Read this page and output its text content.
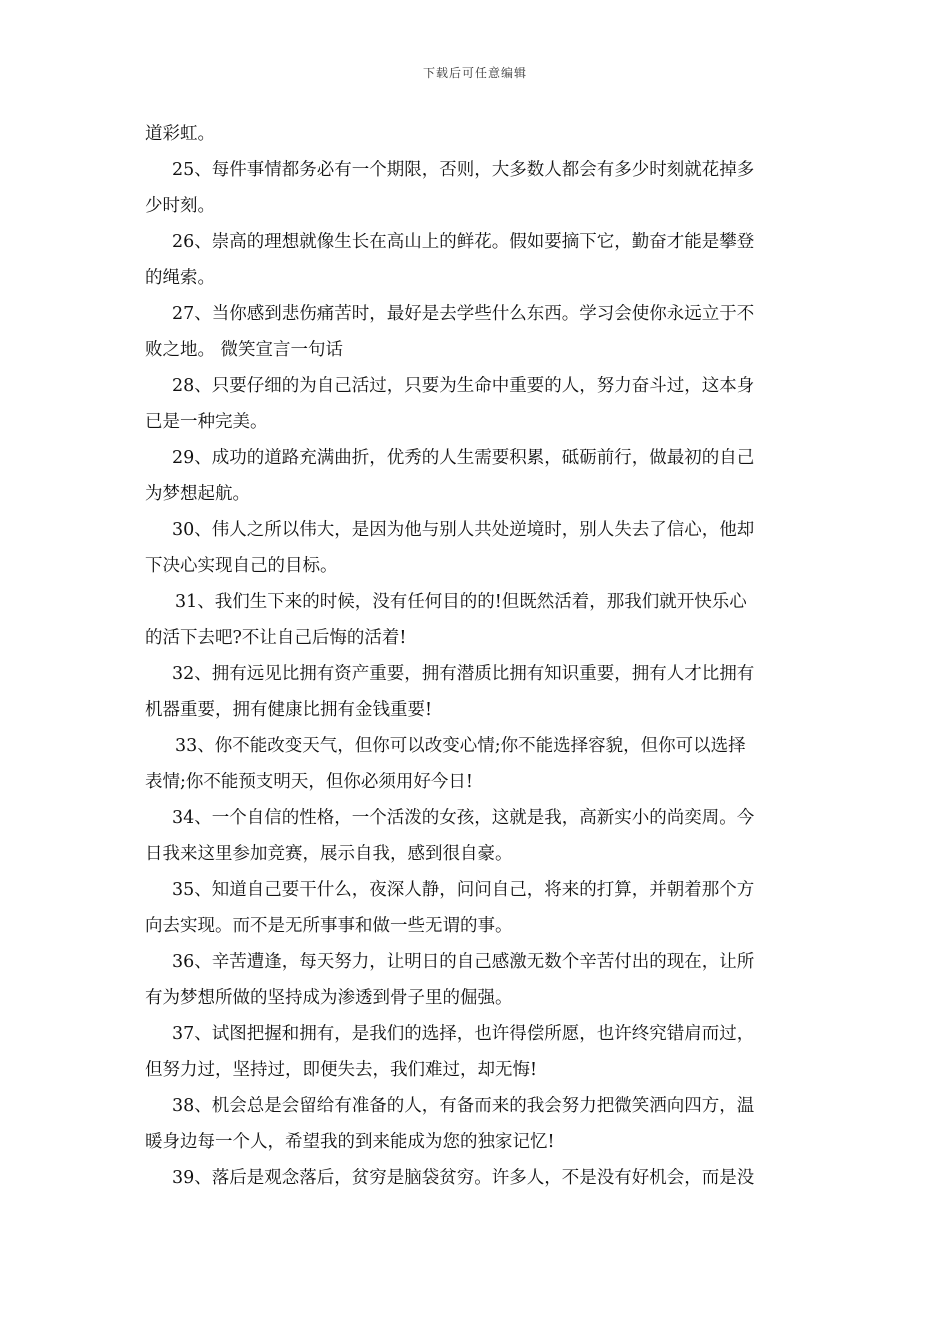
下载后可任意编辑
道彩虹。
25、每件事情都务必有一个期限，否则，大多数人都会有多少时刻就花掉多
少时刻。
26、崇高的理想就像生长在高山上的鲜花。假如要摘下它，勤奋才能是攀登
的绳索。
27、当你感到悲伤痛苦时，最好是去学些什么东西。学习会使你永远立于不
败之地。 微笑宣言一句话
28、只要仔细的为自己活过，只要为生命中重要的人，努力奋斗过，这本身
已是一种完美。
29、成功的道路充满曲折，优秀的人生需要积累，砥砺前行，做最初的自己
为梦想起航。
30、伟人之所以伟大，是因为他与别人共处逆境时，别人失去了信心，他却
下决心实现自己的目标。
31、我们生下来的时候，没有任何目的的!但既然活着，那我们就开快乐心
的活下去吧?不让自己后悔的活着!
32、拥有远见比拥有资产重要，拥有潜质比拥有知识重要，拥有人才比拥有
机器重要，拥有健康比拥有金钱重要!
33、你不能改变天气，但你可以改变心情;你不能选择容貌，但你可以选择
表情;你不能预支明天，但你必须用好今日!
34、一个自信的性格，一个活泼的女孩，这就是我，高新实小的尚奕周。今
日我来这里参加竞赛，展示自我，感到很自豪。
35、知道自己要干什么，夜深人静，问问自己，将来的打算，并朝着那个方
向去实现。而不是无所事事和做一些无谓的事。
36、辛苦遭逢，每天努力，让明日的自己感激无数个辛苦付出的现在，让所
有为梦想所做的坚持成为渗透到骨子里的倔强。
37、试图把握和拥有，是我们的选择，也许得偿所愿，也许终究错肩而过，
但努力过，坚持过，即便失去，我们难过，却无悔!
38、机会总是会留给有准备的人，有备而来的我会努力把微笑洒向四方，温
暖身边每一个人，希望我的到来能成为您的独家记忆!
39、落后是观念落后，贫穷是脑袋贫穷。许多人，不是没有好机会，而是没
